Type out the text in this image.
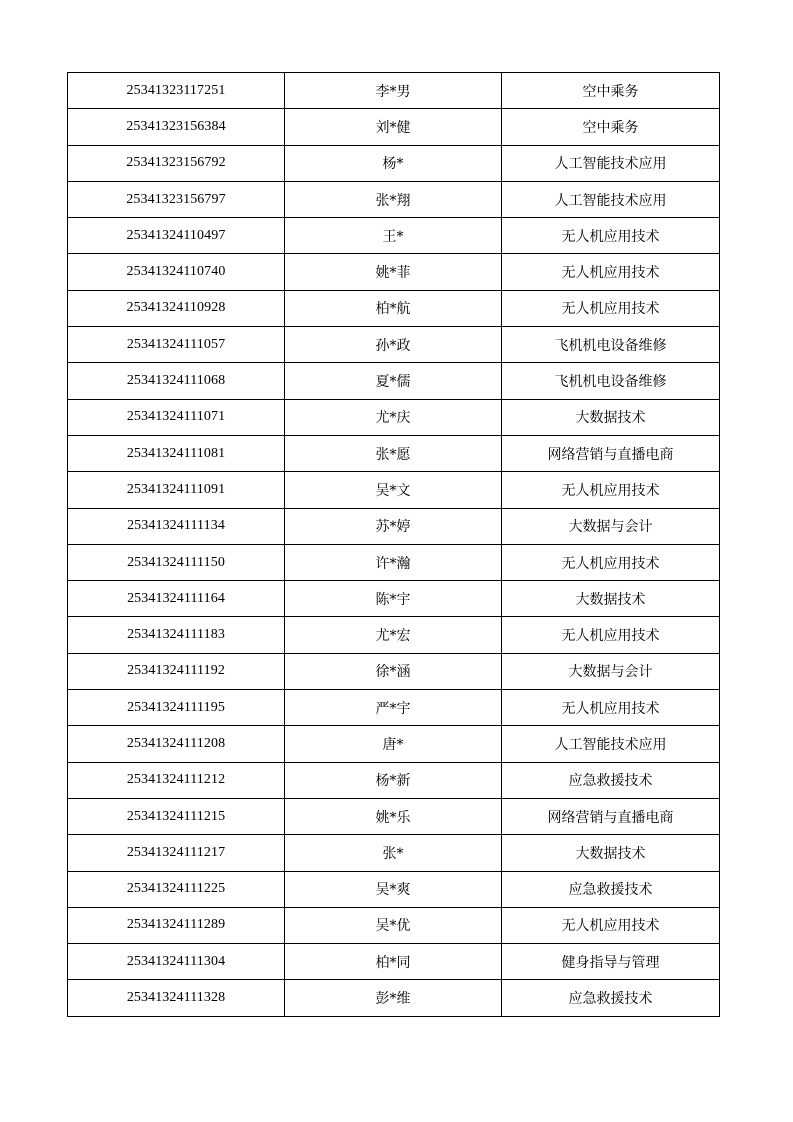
25341323117251	李*男	空中乘务
25341323156384	刘*健	空中乘务
25341323156792	杨*	人工智能技术应用
25341323156797	张*翔	人工智能技术应用
25341324110497	王*	无人机应用技术
25341324110740	姚*菲	无人机应用技术
25341324110928	柏*航	无人机应用技术
25341324111057	孙*政	飞机机电设备维修
25341324111068	夏*儒	飞机机电设备维修
25341324111071	尤*庆	大数据技术
25341324111081	张*愿	网络营销与直播电商
25341324111091	吴*文	无人机应用技术
25341324111134	苏*婷	大数据与会计
25341324111150	许*瀚	无人机应用技术
25341324111164	陈*宇	大数据技术
25341324111183	尤*宏	无人机应用技术
25341324111192	徐*涵	大数据与会计
25341324111195	严*宇	无人机应用技术
25341324111208	唐*	人工智能技术应用
25341324111212	杨*新	应急救援技术
25341324111215	姚*乐	网络营销与直播电商
25341324111217	张*	大数据技术
25341324111225	吴*爽	应急救援技术
25341324111289	吴*优	无人机应用技术
25341324111304	柏*同	健身指导与管理
25341324111328	彭*维	应急救援技术
